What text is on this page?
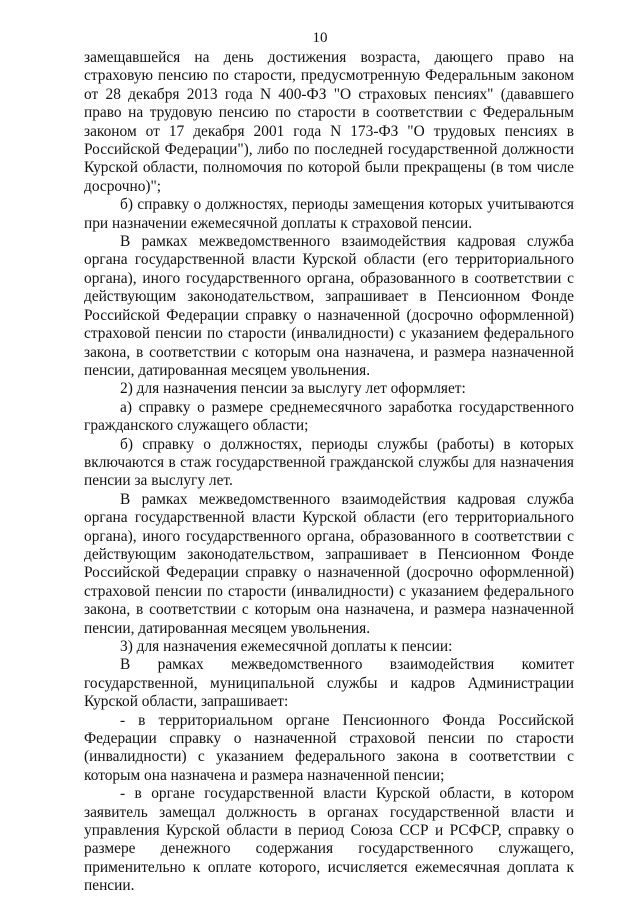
10

замещавшейся на день достижения возраста, дающего право на страховую пенсию по старости, предусмотренную Федеральным законом от 28 декабря 2013 года N 400-ФЗ "О страховых пенсиях" (дававшего право на трудовую пенсию по старости в соответствии с Федеральным законом от 17 декабря 2001 года N 173-ФЗ "О трудовых пенсиях в Российской Федерации"), либо по последней государственной должности Курской области, полномочия по которой были прекращены (в том числе досрочно)";

б) справку о должностях, периоды замещения которых учитываются при назначении ежемесячной доплаты к страховой пенсии.

В рамках межведомственного взаимодействия кадровая служба органа государственной власти Курской области (его территориального органа), иного государственного органа, образованного в соответствии с действующим законодательством, запрашивает в Пенсионном Фонде Российской Федерации справку о назначенной (досрочно оформленной) страховой пенсии по старости (инвалидности) с указанием федерального закона, в соответствии с которым она назначена, и размера назначенной пенсии, датированная месяцем увольнения.

2) для назначения пенсии за выслугу лет оформляет:

а) справку о размере среднемесячного заработка государственного гражданского служащего области;

б) справку о должностях, периоды службы (работы) в которых включаются в стаж государственной гражданской службы для назначения пенсии за выслугу лет.

В рамках межведомственного взаимодействия кадровая служба органа государственной власти Курской области (его территориального органа), иного государственного органа, образованного в соответствии с действующим законодательством, запрашивает в Пенсионном Фонде Российской Федерации справку о назначенной (досрочно оформленной) страховой пенсии по старости (инвалидности) с указанием федерального закона, в соответствии с которым она назначена, и размера назначенной пенсии, датированная месяцем увольнения.

3) для назначения ежемесячной доплаты к пенсии:

В рамках межведомственного взаимодействия комитет государственной, муниципальной службы и кадров Администрации Курской области, запрашивает:

- в территориальном органе Пенсионного Фонда Российской Федерации справку о назначенной страховой пенсии по старости (инвалидности) с указанием федерального закона в соответствии с которым она назначена и размера назначенной пенсии;

- в органе государственной власти Курской области, в котором заявитель замещал должность в органах государственной власти и управления Курской области в период Союза ССР и РСФСР, справку о размере денежного содержания государственного служащего, применительно к оплате которого, исчисляется ежемесячная доплата к пенсии.
